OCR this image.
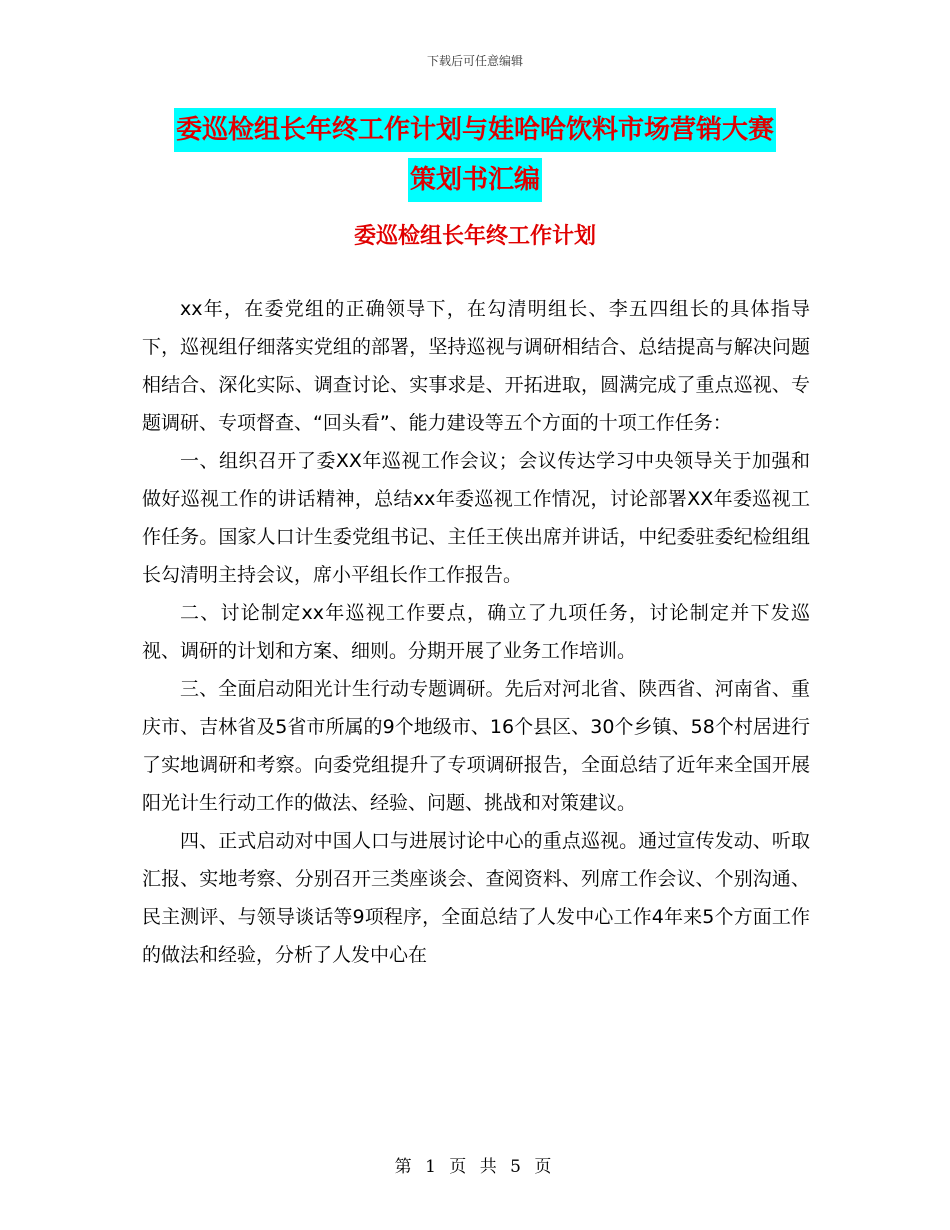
下载后可任意编辑
委巡检组长年终工作计划与娃哈哈饮料市场营销大赛
策划书汇编
委巡检组长年终工作计划

xx年，在委党组的正确领导下，在勾清明组长、李五四组长的具体指导下，巡视组仔细落实党组的部署，坚持巡视与调研相结合、总结提高与解决问题相结合、深化实际、调查讨论、实事求是、开拓进取，圆满完成了重点巡视、专题调研、专项督查、“回头看”、能力建设等五个方面的十项工作任务：

一、组织召开了委XX年巡视工作会议；会议传达学习中央领导关于加强和做好巡视工作的讲话精神，总结xx年委巡视工作情况，讨论部署XX年委巡视工作任务。国家人口计生委党组书记、主任王侠出席并讲话，中纪委驻委纪检组组长勾清明主持会议，席小平组长作工作报告。

二、讨论制定xx年巡视工作要点，确立了九项任务，讨论制定并下发巡视、调研的计划和方案、细则。分期开展了业务工作培训。

三、全面启动阳光计生行动专题调研。先后对河北省、陕西省、河南省、重庆市、吉林省及5省市所属的9个地级市、16个县区、30个乡镇、58个村居进行了实地调研和考察。向委党组提升了专项调研报告，全面总结了近年来全国开展阳光计生行动工作的做法、经验、问题、挑战和对策建议。

四、正式启动对中国人口与进展讨论中心的重点巡视。通过宣传发动、听取汇报、实地考察、分别召开三类座谈会、查阅资料、列席工作会议、个别沟通、民主测评、与领导谈话等9项程序，全面总结了人发中心工作4年来5个方面工作的做法和经验，分析了人发中心在

第 1 页 共 5 页
